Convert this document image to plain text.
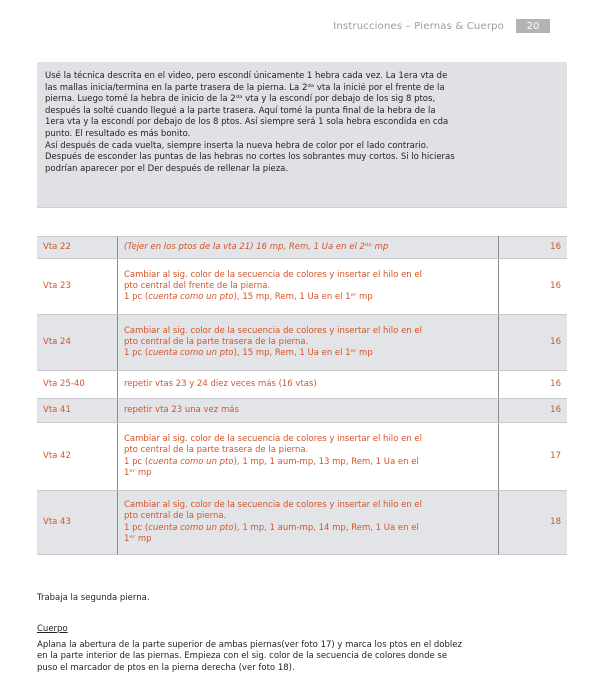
Instrucciones – Piernas & Cuerpo	20

Usé la técnica descrita en el video, pero escondí únicamente 1 hebra cada vez. La 1era vta de

las mallas inicia/termina en la parte trasera de la pierna. La 2ᵈᵃ vta la inicié por el frente de la

pierna. Luego tomé la hebra de inicio de la 2ᵈᵃ vta y la escondí por debajo de los sig 8 ptos,

después la solté cuando llegué a la parte trasera. Aquí tomé la punta final de la hebra de la

1era vta y la escondí por debajo de los 8 ptos. Así siempre será 1 sola hebra escondida en cda

punto. El resultado es más bonito.

Así después de cada vuelta, siempre inserta la nueva hebra de color por el lado contrario.

Después de esconder las puntas de las hebras no cortes los sobrantes muy cortos. Si lo hicieras

podrían aparecer por el Der después de rellenar la pieza.

Vta 22	(Tejer en los ptos de la vta 21) 16 mp, Rem, 1 Ua en el 2ᵈᵒ mp	16
Vta 23	Cambiar al sig. color de la secuencia de colores y insertar el hilo en el
pto central del frente de la pierna.
1 pc (cuenta como un pto), 15 mp, Rem, 1 Ua en el 1ᵉʳ mp	16
Vta 24	Cambiar al sig. color de la secuencia de colores y insertar el hilo en el
pto central de la parte trasera de la pierna.
1 pc (cuenta como un pto), 15 mp, Rem, 1 Ua en el 1ᵉʳ mp	16
Vta 25-40	repetir vtas 23 y 24 diez veces más (16 vtas)	16
Vta 41	repetir vta 23 una vez más	16
Vta 42	Cambiar al sig. color de la secuencia de colores y insertar el hilo en el
pto central de la parte trasera de la pierna.
1 pc (cuenta como un pto), 1 mp, 1 aum-mp, 13 mp, Rem, 1 Ua en el
1ᵉʳ mp	17
Vta 43	Cambiar al sig. color de la secuencia de colores y insertar el hilo en el
pto central de la pierna.
1 pc (cuenta como un pto), 1 mp, 1 aum-mp, 14 mp, Rem, 1 Ua en el
1ᵉʳ mp	18

Trabaja la segunda pierna.

Cuerpo

Aplana la abertura de la parte superior de ambas piernas(ver foto 17) y marca los ptos en el doblez
en la parte interior de las piernas. Empieza con el sig. color de la secuencia de colores donde se
puso el marcador de ptos en la pierna derecha (ver foto 18).
